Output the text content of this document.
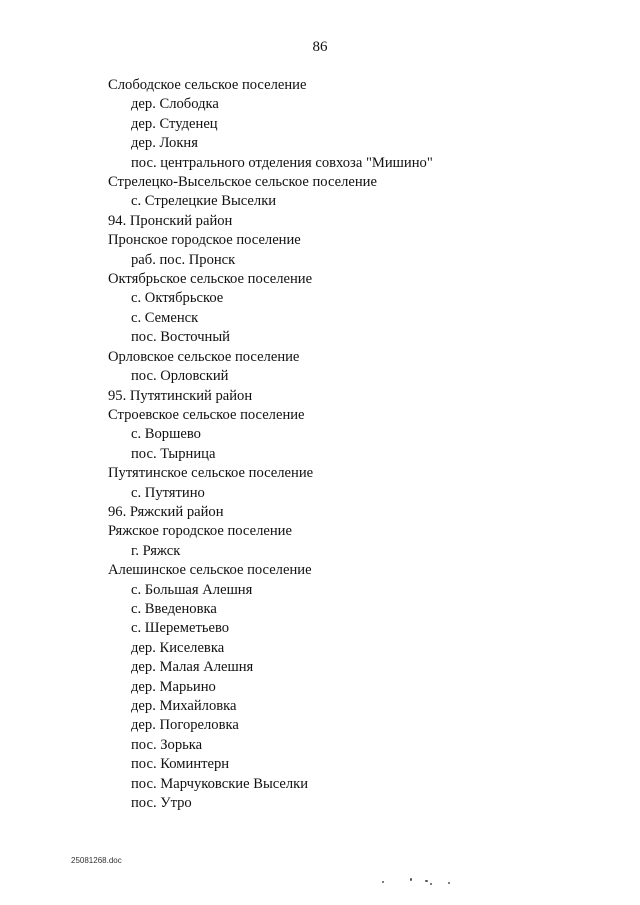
86
Слободское сельское поселение
дер. Слободка
дер. Студенец
дер. Локня
пос. центрального отделения совхоза "Мишино"
Стрелецко-Высельское сельское поселение
с. Стрелецкие Выселки
94. Пронский район
Пронское городское поселение
раб. пос. Пронск
Октябрьское сельское поселение
с. Октябрьское
с. Семенск
пос. Восточный
Орловское сельское поселение
пос. Орловский
95. Путятинский район
Строевское сельское поселение
с. Воршево
пос. Тырница
Путятинское сельское поселение
с. Путятино
96. Ряжский район
Ряжское городское поселение
г. Ряжск
Алешинское сельское поселение
с. Большая Алешня
с. Введеновка
с. Шереметьево
дер. Киселевка
дер. Малая Алешня
дер. Марьино
дер. Михайловка
дер. Погореловка
пос. Зорька
пос. Коминтерн
пос. Марчуковские Выселки
пос. Утро
25081268.doc
